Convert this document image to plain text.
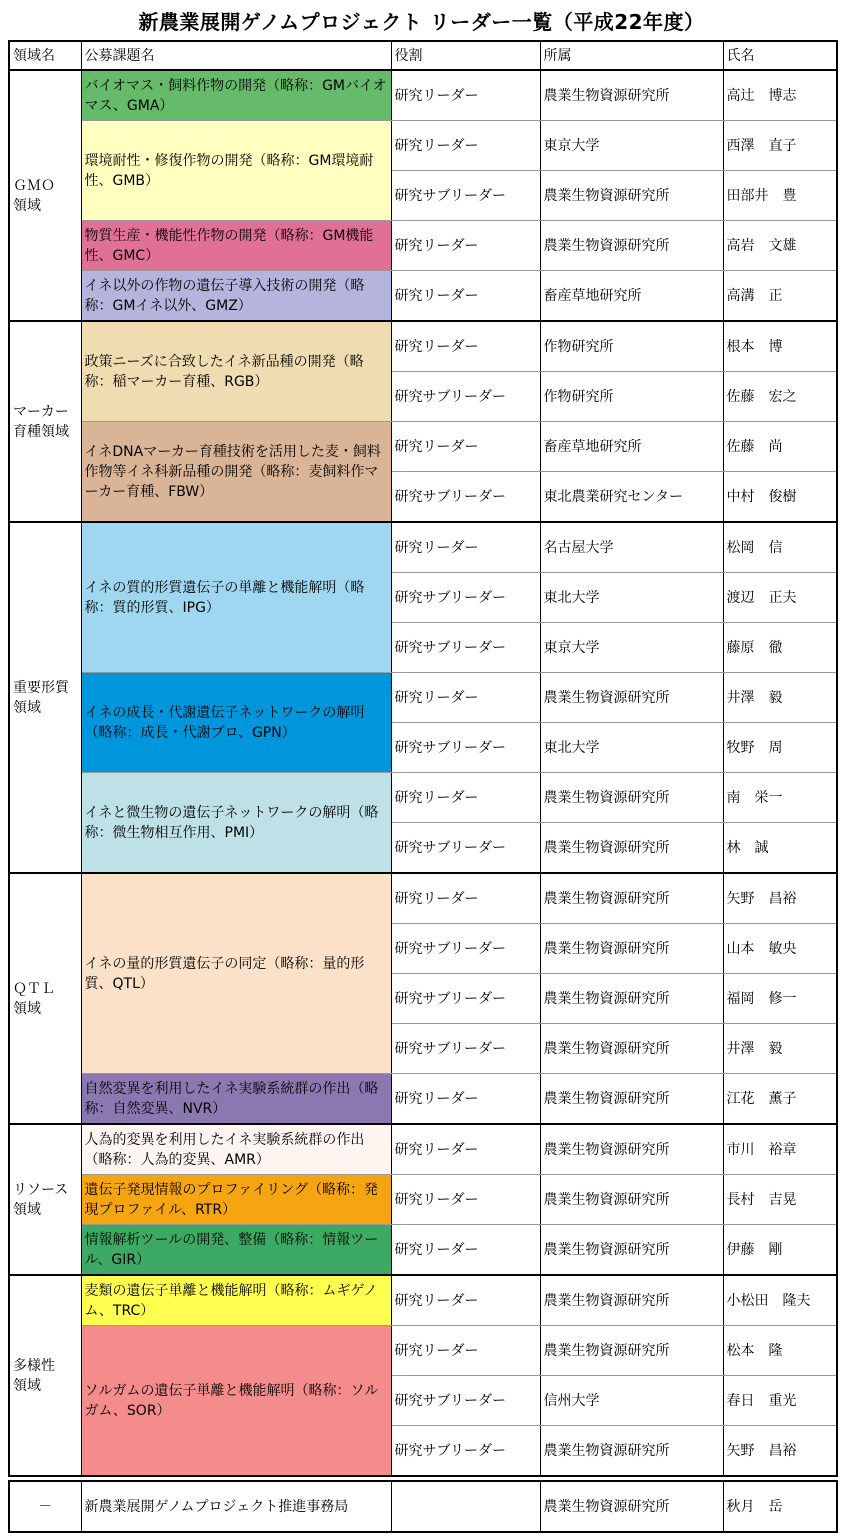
新農業展開ゲノムプロジェクト リーダー一覧（平成22年度）
領域名	公募課題名	役割	所属	氏名
ＧＭＯ
領域	バイオマス・飼料作物の開発（略称：GMバイオマス、GMA）	研究リーダー	農業生物資源研究所	高辻　博志
	環境耐性・修復作物の開発（略称：GM環境耐性、GMB）	研究リーダー	東京大学	西澤　直子
		研究サブリーダー	農業生物資源研究所	田部井　豊
	物質生産・機能性作物の開発（略称：GM機能性、GMC）	研究リーダー	農業生物資源研究所	高岩　文雄
	イネ以外の作物の遺伝子導入技術の開発（略称：GMイネ以外、GMZ）	研究リーダー	畜産草地研究所	高溝　正
マーカー
育種領域	政策ニーズに合致したイネ新品種の開発（略称：稲マーカー育種、RGB）	研究リーダー	作物研究所	根本　博
		研究サブリーダー	作物研究所	佐藤　宏之
	イネDNAマーカー育種技術を活用した麦・飼料作物等イネ科新品種の開発（略称：麦飼料作マーカー育種、FBW）	研究リーダー	畜産草地研究所	佐藤　尚
		研究サブリーダー	東北農業研究センター	中村　俊樹
重要形質
領域	イネの質的形質遺伝子の単離と機能解明（略称：質的形質、IPG）	研究リーダー	名古屋大学	松岡　信
		研究サブリーダー	東北大学	渡辺　正夫
		研究サブリーダー	東京大学	藤原　徹
	イネの成長・代謝遺伝子ネットワークの解明（略称：成長・代謝プロ、GPN）	研究リーダー	農業生物資源研究所	井澤　毅
		研究サブリーダー	東北大学	牧野　周
	イネと微生物の遺伝子ネットワークの解明（略称：微生物相互作用、PMI）	研究リーダー	農業生物資源研究所	南　栄一
		研究サブリーダー	農業生物資源研究所	林　誠
ＱＴＬ
領域	イネの量的形質遺伝子の同定（略称：量的形質、QTL）	研究リーダー	農業生物資源研究所	矢野　昌裕
		研究サブリーダー	農業生物資源研究所	山本　敏央
		研究サブリーダー	農業生物資源研究所	福岡　修一
		研究サブリーダー	農業生物資源研究所	井澤　毅
	自然変異を利用したイネ実験系統群の作出（略称：自然変異、NVR）	研究リーダー	農業生物資源研究所	江花　薫子
リソース
領域	人為的変異を利用したイネ実験系統群の作出（略称：人為的変異、AMR）	研究リーダー	農業生物資源研究所	市川　裕章
	遺伝子発現情報のプロファイリング（略称：発現プロファイル、RTR）	研究リーダー	農業生物資源研究所	長村　吉晃
	情報解析ツールの開発、整備（略称：情報ツール、GIR）	研究リーダー	農業生物資源研究所	伊藤　剛
多様性
領域	麦類の遺伝子単離と機能解明（略称：ムギゲノム、TRC）	研究リーダー	農業生物資源研究所	小松田　隆夫
	ソルガムの遺伝子単離と機能解明（略称：ソルガム、SOR）	研究リーダー	農業生物資源研究所	松本　隆
		研究サブリーダー	信州大学	春日　重光
		研究サブリーダー	農業生物資源研究所	矢野　昌裕
－	新農業展開ゲノムプロジェクト推進事務局		農業生物資源研究所	秋月　岳
